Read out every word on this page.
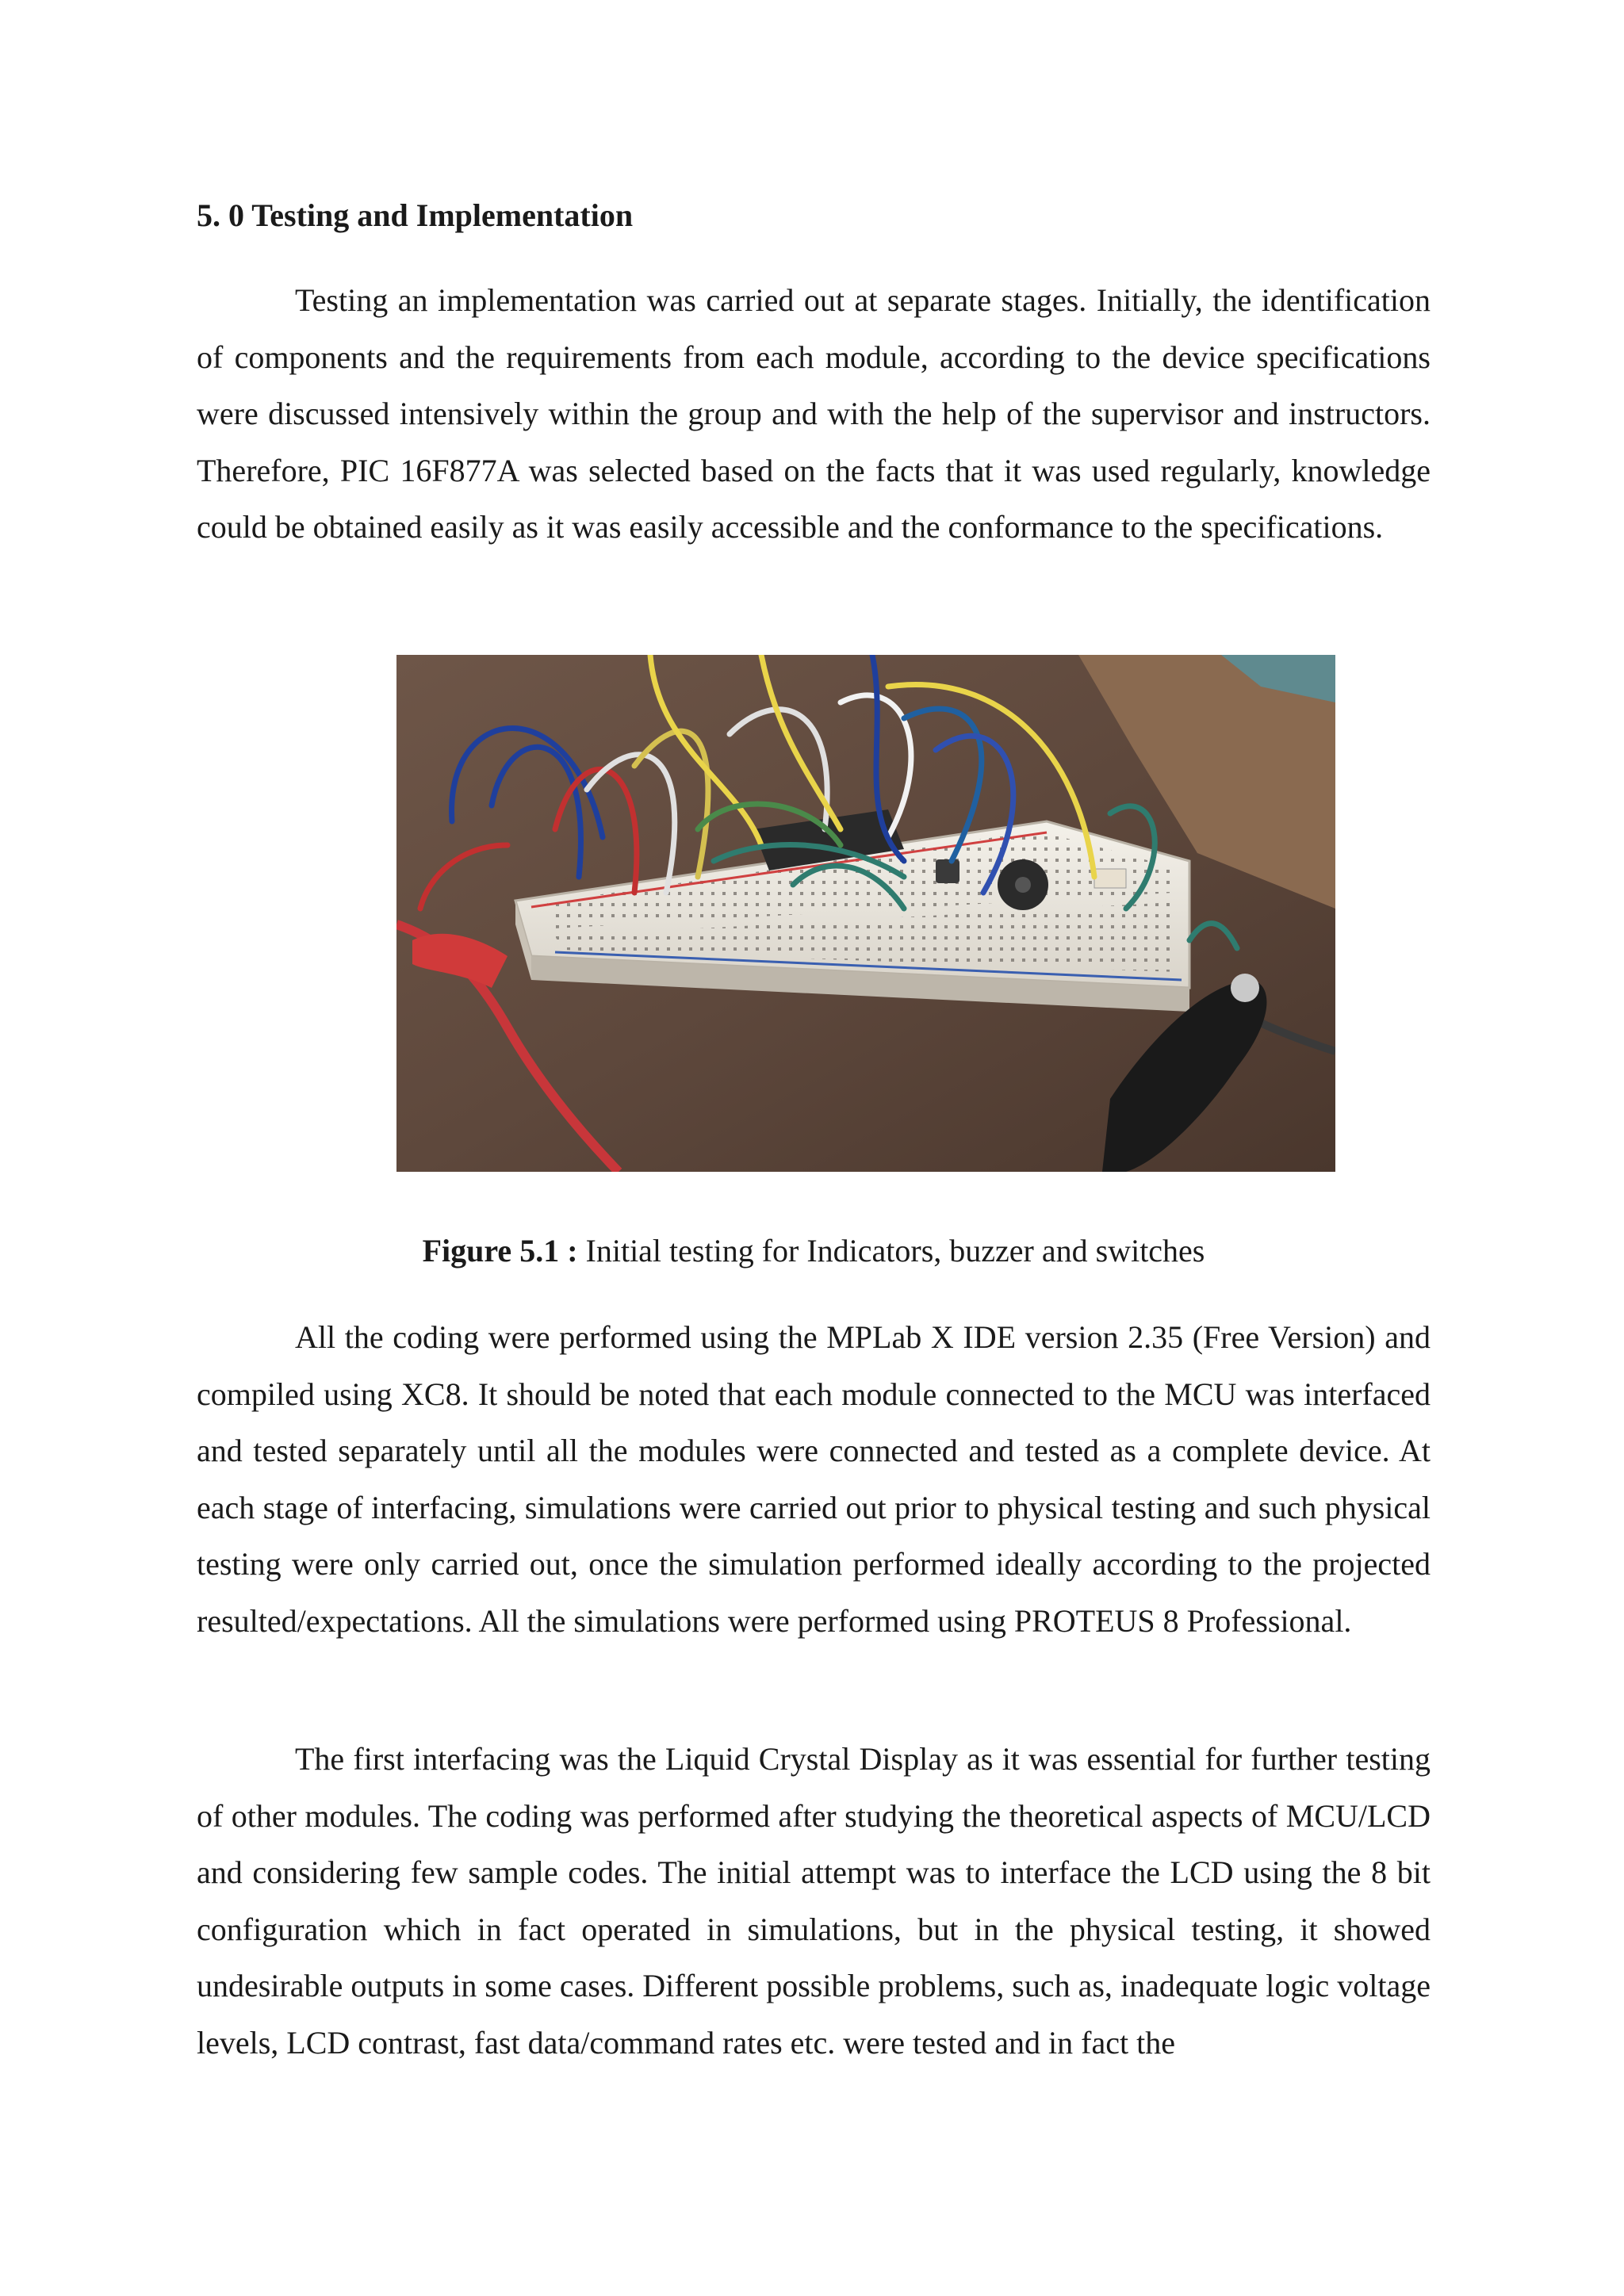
5. 0 Testing and Implementation

Testing an implementation was carried out at separate stages. Initially, the identification of components and the requirements from each module, according to the device specifications were discussed intensively within the group and with the help of the supervisor and instructors. Therefore, PIC 16F877A was selected based on the facts that it was used regularly, knowledge could be obtained easily as it was easily accessible and the conformance to the specifications.

Figure 5.1 : Initial testing for Indicators, buzzer and switches

All the coding were performed using the MPLab X IDE version 2.35 (Free Version) and compiled using XC8. It should be noted that each module connected to the MCU was interfaced and tested separately until all the modules were connected and tested as a complete device. At each stage of interfacing, simulations were carried out prior to physical testing and such physical testing were only carried out, once the simulation performed ideally according to the projected resulted/expectations. All the simulations were performed using PROTEUS 8 Professional.

The first interfacing was the Liquid Crystal Display as it was essential for further testing of other modules. The coding was performed after studying the theoretical aspects of MCU/LCD and considering few sample codes. The initial attempt was to interface the LCD using the 8 bit configuration which in fact operated in simulations, but in the physical testing, it showed undesirable outputs in some cases. Different possible problems, such as, inadequate logic voltage levels, LCD contrast, fast data/command rates etc. were tested and in fact the
